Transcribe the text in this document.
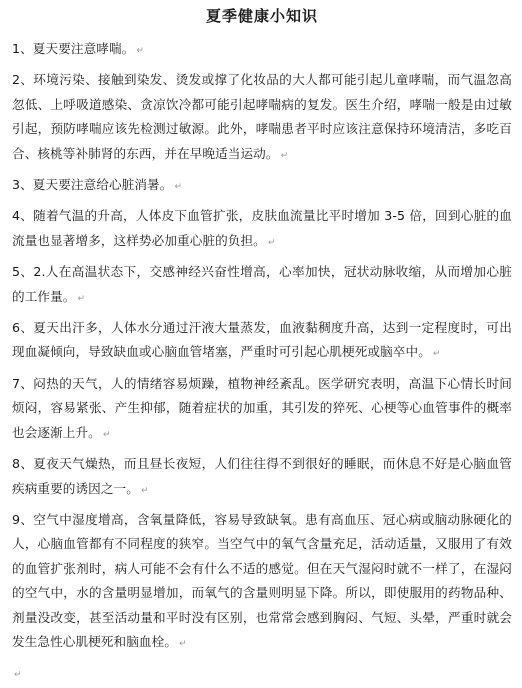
夏季健康小知识

1、夏天要注意哮喘。 ↵

2、环境污染、接触到染发、烫发或撑了化妆品的大人都可能引起儿童哮喘，而气温忽高忽低、上呼吸道感染、贪凉饮冷都可能引起哮喘病的复发。医生介绍，哮喘一般是由过敏引起，预防哮喘应该先检测过敏源。此外，哮喘患者平时应该注意保持环境清洁，多吃百合、核桃等补肺肾的东西，并在早晚适当运动。 ↵

3、夏天要注意给心脏消暑。 ↵

4、随着气温的升高，人体皮下血管扩张，皮肤血流量比平时增加 3-5 倍，回到心脏的血流量也显著增多，这样势必加重心脏的负担。 ↵

5、2.人在高温状态下，交感神经兴奋性增高，心率加快，冠状动脉收缩，从而增加心脏的工作量。 ↵

6、夏天出汗多，人体水分通过汗液大量蒸发，血液黏稠度升高，达到一定程度时，可出现血凝倾向，导致缺血或心脑血管堵塞，严重时可引起心肌梗死或脑卒中。 ↵

7、闷热的天气，人的情绪容易烦躁，植物神经紊乱。医学研究表明，高温下心情长时间烦闷，容易紧张、产生抑郁，随着症状的加重，其引发的猝死、心梗等心血管事件的概率也会逐渐上升。 ↵

8、夏夜天气燥热，而且昼长夜短，人们往往得不到很好的睡眠，而休息不好是心脑血管疾病重要的诱因之一。 ↵

9、空气中湿度增高，含氧量降低，容易导致缺氧。患有高血压、冠心病或脑动脉硬化的人，心脑血管都有不同程度的狭窄。当空气中的氧气含量充足，活动适量，又服用了有效的血管扩张剂时，病人可能不会有什么不适的感觉。但在天气湿闷时就不一样了，在湿闷的空气中，水的含量明显增加，而氧气的含量则明显下降。所以，即使服用的药物品种、剂量没改变，甚至活动量和平时没有区别，也常常会感到胸闷、气短、头晕，严重时就会发生急性心肌梗死和脑血栓。 ↵

↵
